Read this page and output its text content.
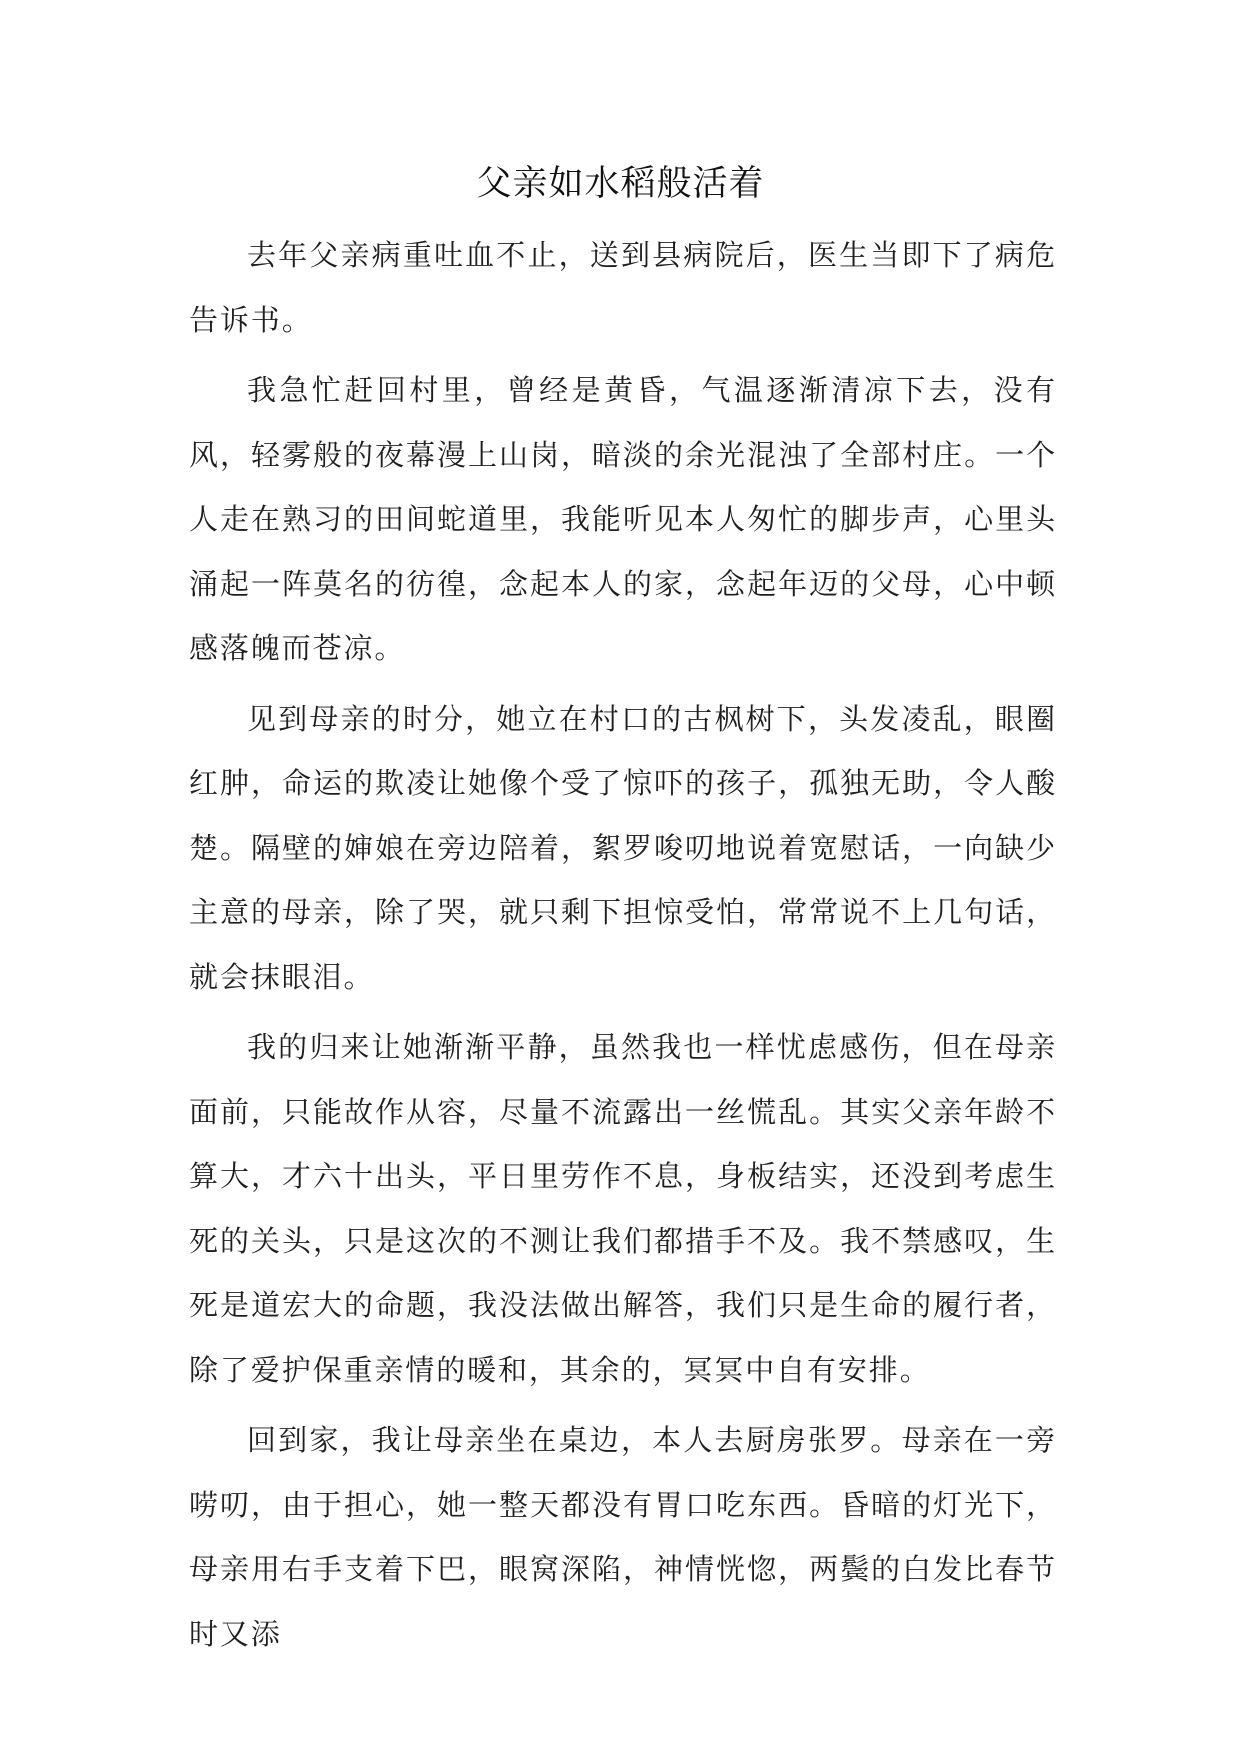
父亲如水稻般活着

去年父亲病重吐血不止，送到县病院后，医生当即下了病危告诉书。

我急忙赶回村里，曾经是黄昏，气温逐渐清凉下去，没有风，轻雾般的夜幕漫上山岗，暗淡的余光混浊了全部村庄。一个人走在熟习的田间蛇道里，我能听见本人匆忙的脚步声，心里头涌起一阵莫名的彷徨，念起本人的家，念起年迈的父母，心中顿感落魄而苍凉。

见到母亲的时分，她立在村口的古枫树下，头发凌乱，眼圈红肿，命运的欺凌让她像个受了惊吓的孩子，孤独无助，令人酸楚。隔壁的婶娘在旁边陪着，絮罗唆叨地说着宽慰话，一向缺少主意的母亲，除了哭，就只剩下担惊受怕，常常说不上几句话，就会抹眼泪。

我的归来让她渐渐平静，虽然我也一样忧虑感伤，但在母亲面前，只能故作从容，尽量不流露出一丝慌乱。其实父亲年龄不算大，才六十出头，平日里劳作不息，身板结实，还没到考虑生死的关头，只是这次的不测让我们都措手不及。我不禁感叹，生死是道宏大的命题，我没法做出解答，我们只是生命的履行者，除了爱护保重亲情的暖和，其余的，冥冥中自有安排。

回到家，我让母亲坐在桌边，本人去厨房张罗。母亲在一旁唠叨，由于担心，她一整天都没有胃口吃东西。昏暗的灯光下，母亲用右手支着下巴，眼窝深陷，神情恍惚，两鬓的白发比春节时又添
